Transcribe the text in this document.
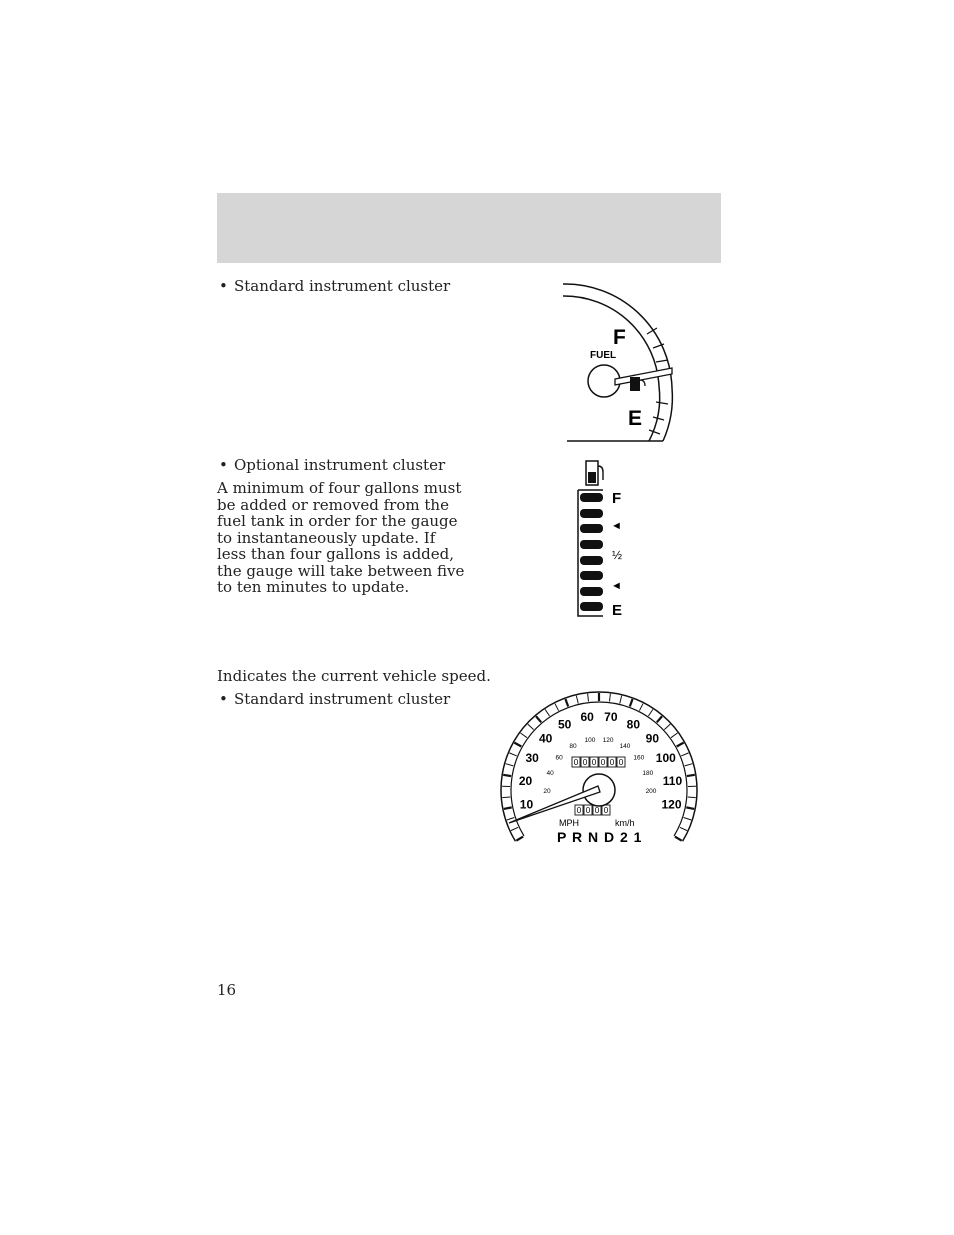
• Standard instrument cluster
F
FUEL
E
• Optional instrument cluster
A minimum of four gallons must be added or removed from the fuel tank in order for the gauge to instantaneously update. If less than four gallons is added, the gauge will take between five to ten minutes to update.
F
◄
½
◄
E
Indicates the current vehicle speed.
• Standard instrument cluster
10
20
30
40
50
60 70
80
90
100
110
120
20
40
60
80
100 120
140
160
180
200
0 0 0 0 0 0
0 0 0 0
MPH	km/h
P R N D 2 1
16
